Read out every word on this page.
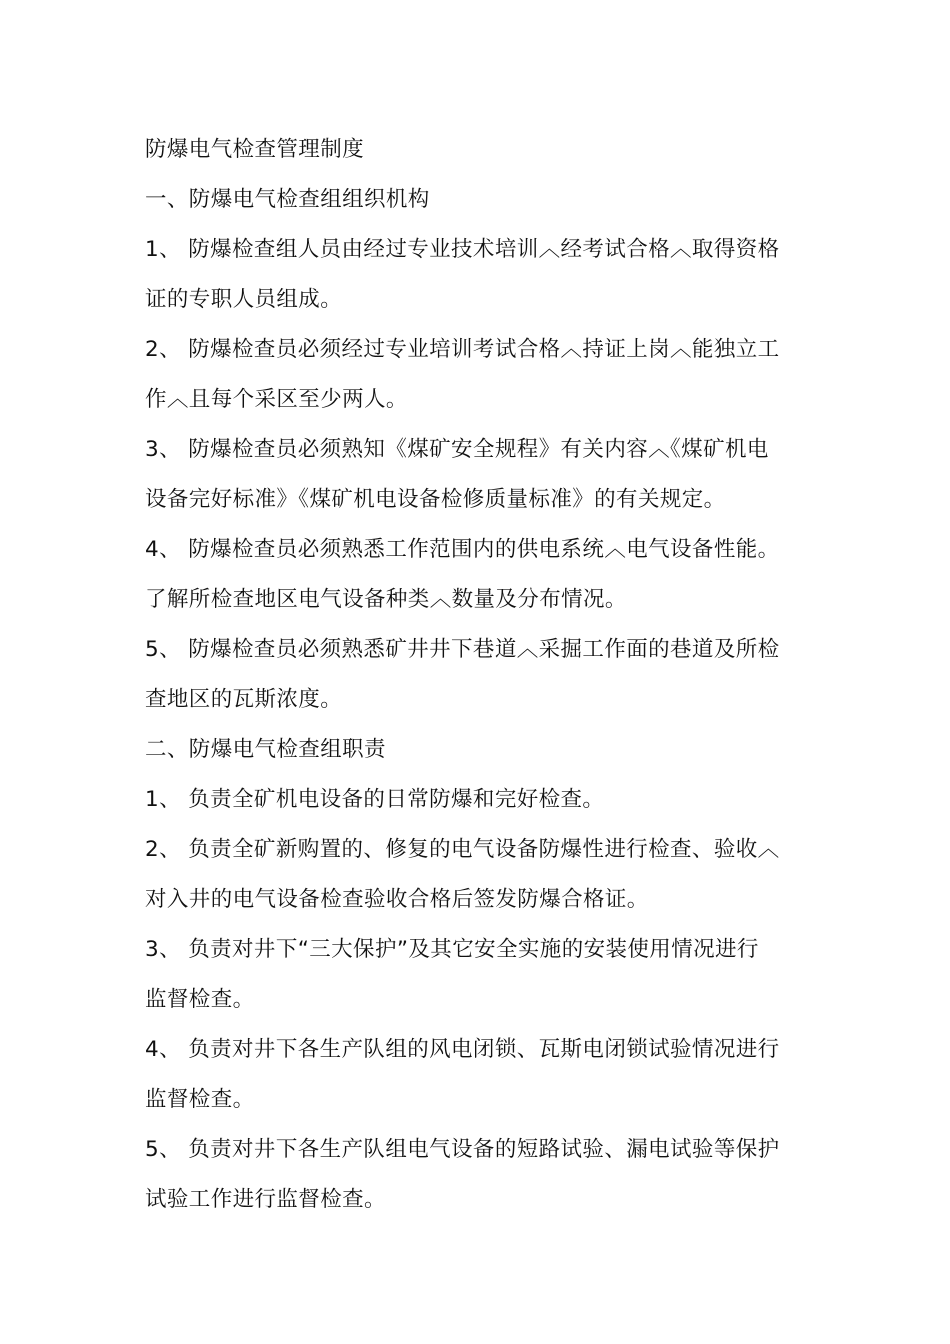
防爆电气检查管理制度
一、防爆电气检查组组织机构
1、 防爆检查组人员由经过专业技术培训︿经考试合格︿取得资格
证的专职人员组成。
2、 防爆检查员必须经过专业培训考试合格︿持证上岗︿能独立工
作︿且每个采区至少两人。
3、 防爆检查员必须熟知《煤矿安全规程》有关内容︿《煤矿机电
设备完好标准》《煤矿机电设备检修质量标准》的有关规定。
4、 防爆检查员必须熟悉工作范围内的供电系统︿电气设备性能。
了解所检查地区电气设备种类︿数量及分布情况。
5、 防爆检查员必须熟悉矿井井下巷道︿采掘工作面的巷道及所检
查地区的瓦斯浓度。
二、防爆电气检查组职责
1、 负责全矿机电设备的日常防爆和完好检查。
2、 负责全矿新购置的、修复的电气设备防爆性进行检查、验收︿
对入井的电气设备检查验收合格后签发防爆合格证。
3、 负责对井下“三大保护”及其它安全实施的安装使用情况进行
监督检查。
4、 负责对井下各生产队组的风电闭锁、瓦斯电闭锁试验情况进行
监督检查。
5、 负责对井下各生产队组电气设备的短路试验、漏电试验等保护
试验工作进行监督检查。
